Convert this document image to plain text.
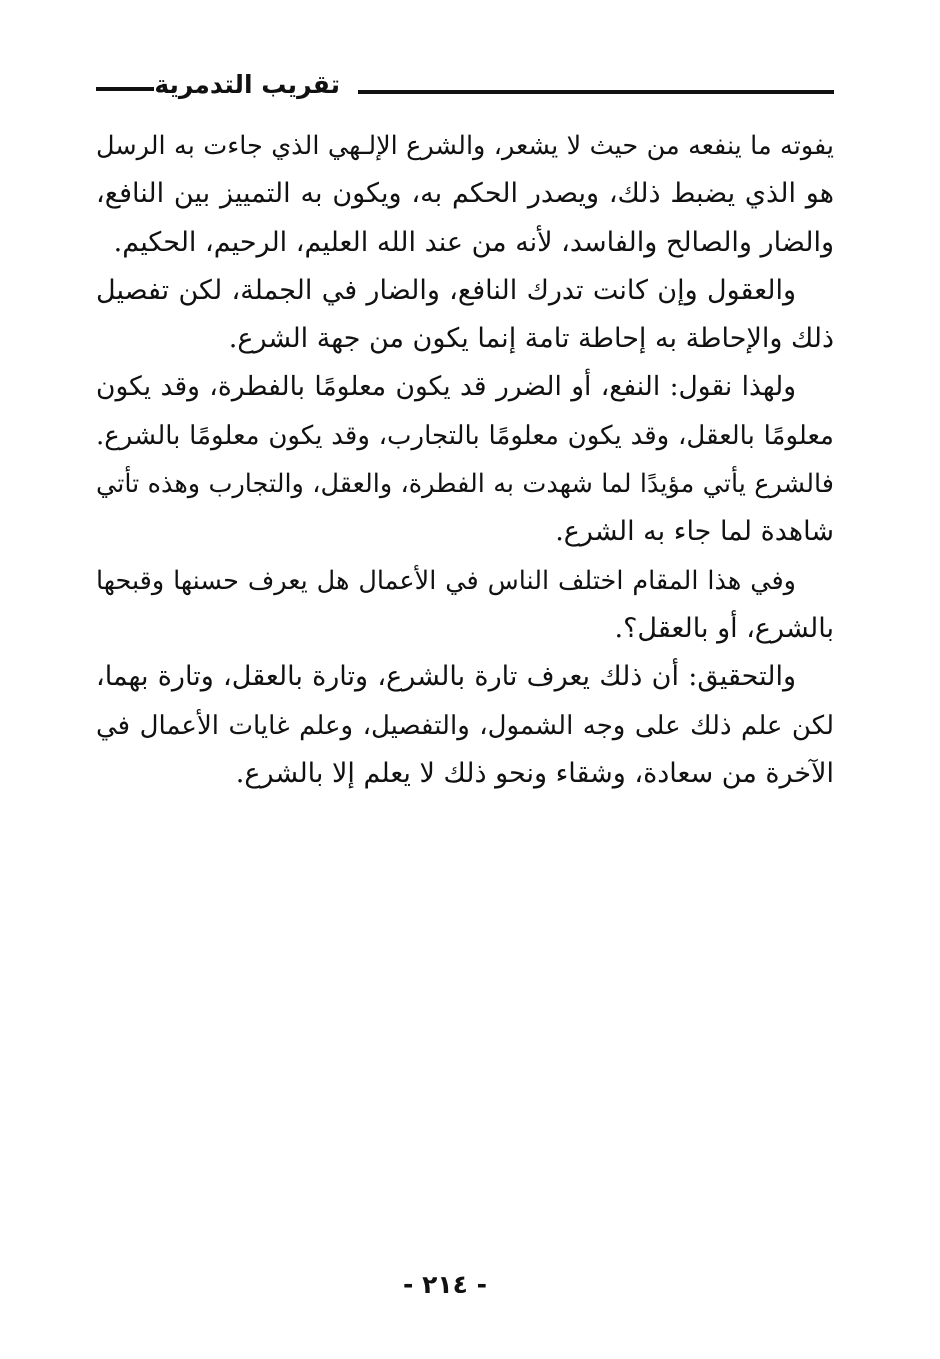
تقريب التدمرية
يفوته ما ينفعه من حيث لا يشعر، والشرع الإلـهي الذي جاءت به الرسل
هو الذي يضبط ذلك، ويصدر الحكم به، ويكون به التمييز بين النافع،
والضار والصالح والفاسد، لأنه من عند الله العليم، الرحيم، الحكيم.
والعقول وإن كانت تدرك النافع، والضار في الجملة، لكن تفصيل
ذلك والإحاطة به إحاطة تامة إنما يكون من جهة الشرع.
ولهذا نقول: النفع، أو الضرر قد يكون معلومًا بالفطرة، وقد يكون
معلومًا بالعقل، وقد يكون معلومًا بالتجارب، وقد يكون معلومًا بالشرع.
فالشرع يأتي مؤيدًا لما شهدت به الفطرة، والعقل، والتجارب وهذه تأتي
شاهدة لما جاء به الشرع.
وفي هذا المقام اختلف الناس في الأعمال هل يعرف حسنها وقبحها
بالشرع، أو بالعقل؟.
والتحقيق: أن ذلك يعرف تارة بالشرع، وتارة بالعقل، وتارة بهما،
لكن علم ذلك على وجه الشمول، والتفصيل، وعلم غايات الأعمال في
الآخرة من سعادة، وشقاء ونحو ذلك لا يعلم إلا بالشرع.
- ٢١٤ -
